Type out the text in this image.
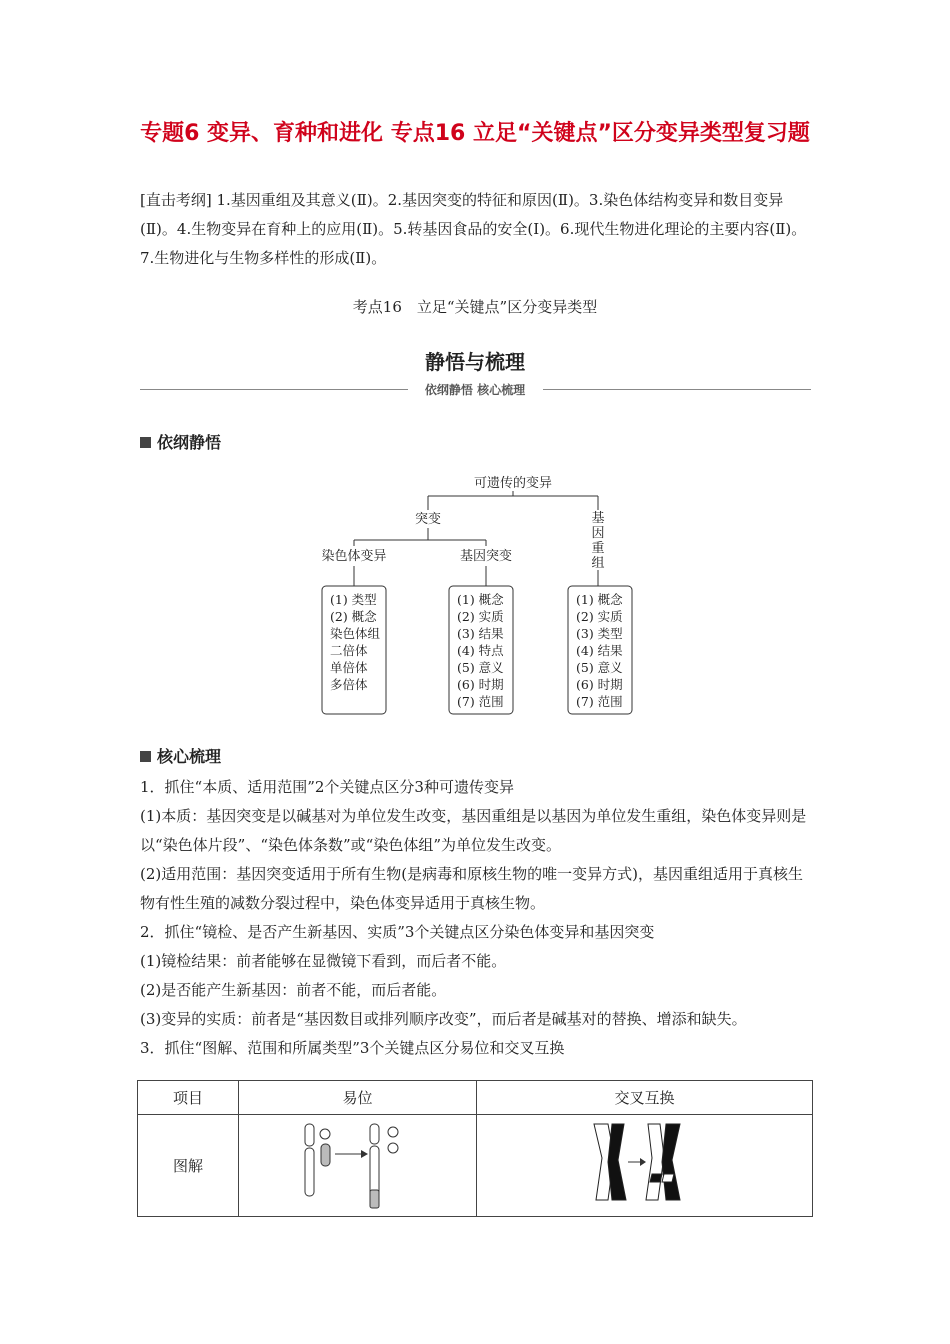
专题6 变异、育种和进化 专点16 立足“关键点”区分变异类型复习题
[直击考纲] 1.基因重组及其意义(Ⅱ)。2.基因突变的特征和原因(Ⅱ)。3.染色体结构变异和数目变异(Ⅱ)。4.生物变异在育种上的应用(Ⅱ)。5.转基因食品的安全(Ⅰ)。6.现代生物进化理论的主要内容(Ⅱ)。7.生物进化与生物多样性的形成(Ⅱ)。
考点16　立足“关键点”区分变异类型
静悟与梳理
依纲静悟 核心梳理
依纲静悟
可遗传的变异
突变	基因重组
染色体变异	基因突变
(1) 类型
(2) 概念
染色体组
二倍体
单倍体
多倍体
(1) 概念
(2) 实质
(3) 结果
(4) 特点
(5) 意义
(6) 时期
(7) 范围
(1) 概念
(2) 实质
(3) 类型
(4) 结果
(5) 意义
(6) 时期
(7) 范围
核心梳理
1．抓住“本质、适用范围”2个关键点区分3种可遗传变异
(1)本质：基因突变是以碱基对为单位发生改变，基因重组是以基因为单位发生重组，染色体变异则是以“染色体片段”、“染色体条数”或“染色体组”为单位发生改变。
(2)适用范围：基因突变适用于所有生物(是病毒和原核生物的唯一变异方式)，基因重组适用于真核生物有性生殖的减数分裂过程中，染色体变异适用于真核生物。
2．抓住“镜检、是否产生新基因、实质”3个关键点区分染色体变异和基因突变
(1)镜检结果：前者能够在显微镜下看到，而后者不能。
(2)是否能产生新基因：前者不能，而后者能。
(3)变异的实质：前者是“基因数目或排列顺序改变”，而后者是碱基对的替换、增添和缺失。
3．抓住“图解、范围和所属类型”3个关键点区分易位和交叉互换
项目	易位	交叉互换
图解		
